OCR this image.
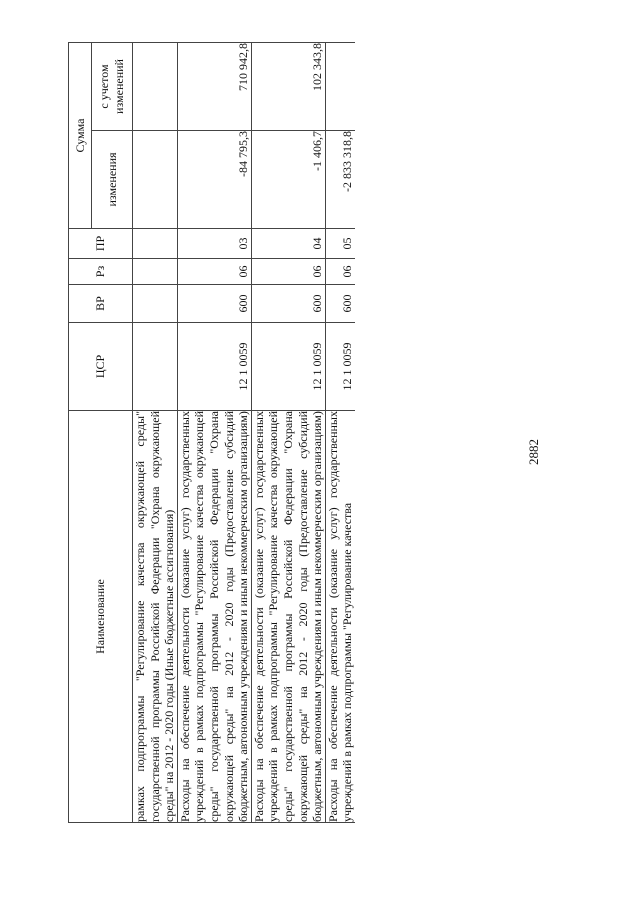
2882
Наименование	ЦСР	ВР	Рз	ПР	Сумма	
					изменения	с учетом изменений
рамках подпрограммы "Регулирование качества окружающей среды" государственной программы Российской Федерации "Охрана окружающей среды" на 2012 - 2020 годы (Иные бюджетные ассигнования)						
Расходы на обеспечение деятельности (оказание услуг) государственных учреждений в рамках подпрограммы "Регулирование качества окружающей среды" государственной программы Российской Федерации "Охрана окружающей среды" на 2012 - 2020 годы (Предоставление субсидий бюджетным, автономным учреждениям и иным некоммерческим организациям)	12 1 0059	600	06	03	-84 795,3	710 942,8
Расходы на обеспечение деятельности (оказание услуг) государственных учреждений в рамках подпрограммы "Регулирование качества окружающей среды" государственной программы Российской Федерации "Охрана окружающей среды" на 2012 - 2020 годы (Предоставление субсидий бюджетным, автономным учреждениям и иным некоммерческим организациям)	12 1 0059	600	06	04	-1 406,7	102 343,8
Расходы на обеспечение деятельности (оказание услуг) государственных учреждений в рамках подпрограммы "Регулирование качества	12 1 0059	600	06	05	-2 833 318,8	
